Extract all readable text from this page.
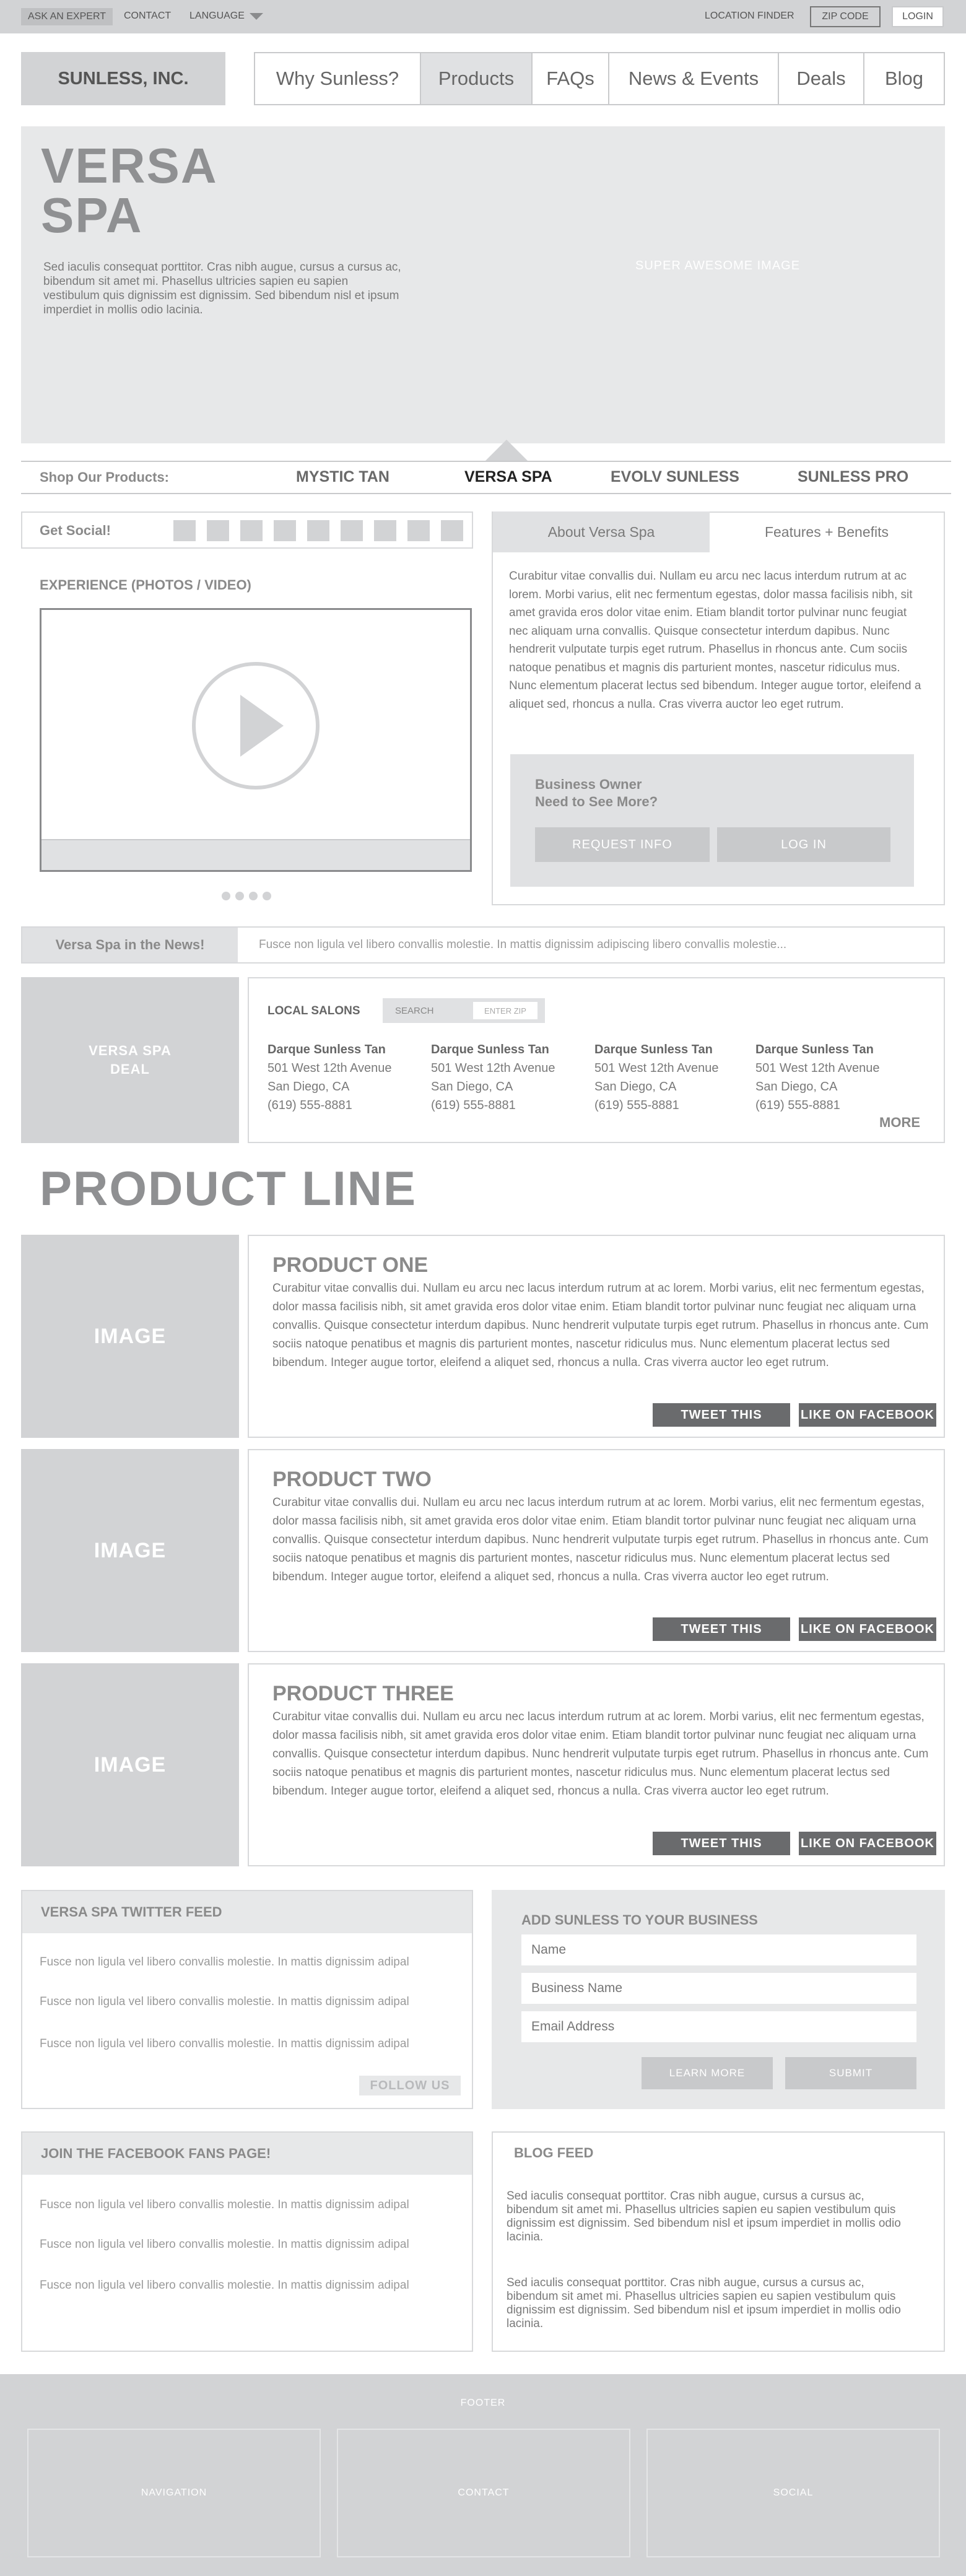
ASK AN EXPERT	CONTACT LANGUAGE	LOCATION FINDER	ZIP CODE	LOGIN
SUNLESS, INC.	Why Sunless?	Products	FAQs	News & Events	Deals	Blog
VERSA
SPA
Sed iaculis consequat porttitor. Cras nibh augue, cursus a cursus ac, bibendum sit amet mi. Phasellus ultricies sapien eu sapien vestibulum quis dignissim est dignissim. Sed bibendum nisl et ipsum imperdiet in mollis odio lacinia.
SUPER AWESOME IMAGE
Shop Our Products:	MYSTIC TAN	VERSA SPA	EVOLV SUNLESS	SUNLESS PRO
Get Social!
EXPERIENCE (PHOTOS / VIDEO)
About Versa Spa	Features + Benefits
Curabitur vitae convallis dui. Nullam eu arcu nec lacus interdum rutrum at ac lorem. Morbi varius, elit nec fermentum egestas, dolor massa facilisis nibh, sit amet gravida eros dolor vitae enim. Etiam blandit tortor pulvinar nunc feugiat nec aliquam urna convallis. Quisque consectetur interdum dapibus. Nunc hendrerit vulputate turpis eget rutrum. Phasellus in rhoncus ante. Cum sociis natoque penatibus et magnis dis parturient montes, nascetur ridiculus mus. Nunc elementum placerat lectus sed bibendum. Integer augue tortor, eleifend a aliquet sed, rhoncus a nulla. Cras viverra auctor leo eget rutrum.
Business Owner
Need to See More?
REQUEST INFO	LOG IN
Versa Spa in the News!	Fusce non ligula vel libero convallis molestie. In mattis dignissim adipiscing libero convallis molestie...
VERSA SPA
DEAL
LOCAL SALONS	SEARCH	ENTER ZIP
Darque Sunless Tan
501 West 12th Avenue
San Diego, CA
(619) 555-8881
Darque Sunless Tan
501 West 12th Avenue
San Diego, CA
(619) 555-8881
Darque Sunless Tan
501 West 12th Avenue
San Diego, CA
(619) 555-8881
Darque Sunless Tan
501 West 12th Avenue
San Diego, CA
(619) 555-8881
MORE
PRODUCT LINE
IMAGE
PRODUCT ONE
Curabitur vitae convallis dui. Nullam eu arcu nec lacus interdum rutrum at ac lorem. Morbi varius, elit nec fermentum egestas, dolor massa facilisis nibh, sit amet gravida eros dolor vitae enim. Etiam blandit tortor pulvinar nunc feugiat nec aliquam urna convallis. Quisque consectetur interdum dapibus. Nunc hendrerit vulputate turpis eget rutrum. Phasellus in rhoncus ante. Cum sociis natoque penatibus et magnis dis parturient montes, nascetur ridiculus mus. Nunc elementum placerat lectus sed bibendum. Integer augue tortor, eleifend a aliquet sed, rhoncus a nulla. Cras viverra auctor leo eget rutrum.
TWEET THIS	LIKE ON FACEBOOK
IMAGE
PRODUCT TWO
Curabitur vitae convallis dui. Nullam eu arcu nec lacus interdum rutrum at ac lorem. Morbi varius, elit nec fermentum egestas, dolor massa facilisis nibh, sit amet gravida eros dolor vitae enim. Etiam blandit tortor pulvinar nunc feugiat nec aliquam urna convallis. Quisque consectetur interdum dapibus. Nunc hendrerit vulputate turpis eget rutrum. Phasellus in rhoncus ante. Cum sociis natoque penatibus et magnis dis parturient montes, nascetur ridiculus mus. Nunc elementum placerat lectus sed bibendum. Integer augue tortor, eleifend a aliquet sed, rhoncus a nulla. Cras viverra auctor leo eget rutrum.
TWEET THIS	LIKE ON FACEBOOK
IMAGE
PRODUCT THREE
Curabitur vitae convallis dui. Nullam eu arcu nec lacus interdum rutrum at ac lorem. Morbi varius, elit nec fermentum egestas, dolor massa facilisis nibh, sit amet gravida eros dolor vitae enim. Etiam blandit tortor pulvinar nunc feugiat nec aliquam urna convallis. Quisque consectetur interdum dapibus. Nunc hendrerit vulputate turpis eget rutrum. Phasellus in rhoncus ante. Cum sociis natoque penatibus et magnis dis parturient montes, nascetur ridiculus mus. Nunc elementum placerat lectus sed bibendum. Integer augue tortor, eleifend a aliquet sed, rhoncus a nulla. Cras viverra auctor leo eget rutrum.
TWEET THIS	LIKE ON FACEBOOK
VERSA SPA TWITTER FEED
Fusce non ligula vel libero convallis molestie. In mattis dignissim adipal
Fusce non ligula vel libero convallis molestie. In mattis dignissim adipal
Fusce non ligula vel libero convallis molestie. In mattis dignissim adipal
FOLLOW US
ADD SUNLESS TO YOUR BUSINESS
Name
Business Name
Email Address
LEARN MORE	SUBMIT
JOIN THE FACEBOOK FANS PAGE!
Fusce non ligula vel libero convallis molestie. In mattis dignissim adipal
Fusce non ligula vel libero convallis molestie. In mattis dignissim adipal
Fusce non ligula vel libero convallis molestie. In mattis dignissim adipal
BLOG FEED
Sed iaculis consequat porttitor. Cras nibh augue, cursus a cursus ac, bibendum sit amet mi. Phasellus ultricies sapien eu sapien vestibulum quis dignissim est dignissim. Sed bibendum nisl et ipsum imperdiet in mollis odio lacinia.
Sed iaculis consequat porttitor. Cras nibh augue, cursus a cursus ac, bibendum sit amet mi. Phasellus ultricies sapien eu sapien vestibulum quis dignissim est dignissim. Sed bibendum nisl et ipsum imperdiet in mollis odio lacinia.
FOOTER
NAVIGATION	CONTACT	SOCIAL
